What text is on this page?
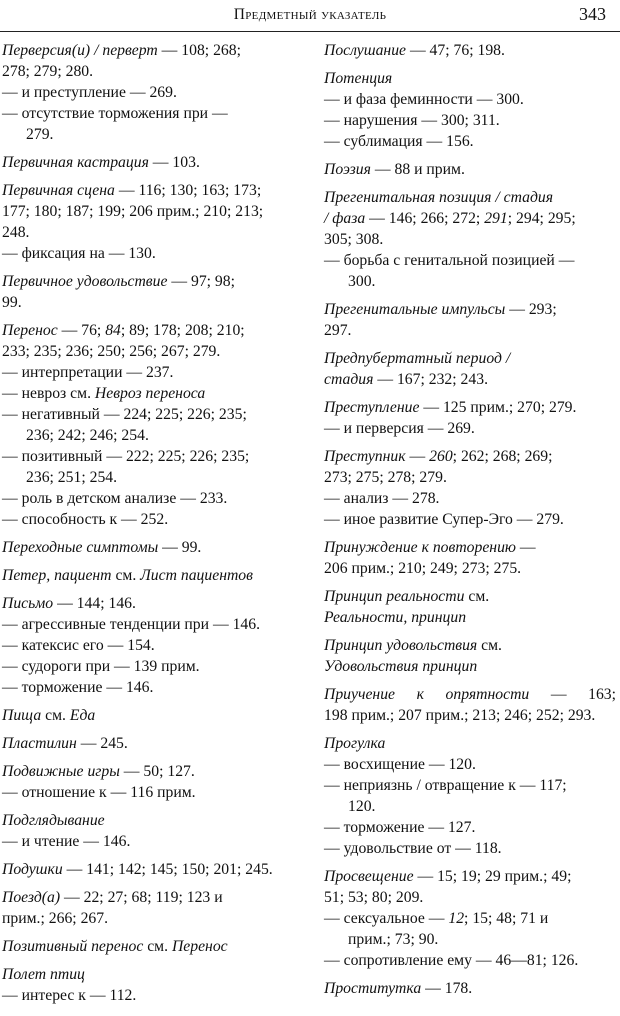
Предметный указатель	343
Перверсия(и) / перверт — 108; 268;
278; 279; 280.
— и преступление — 269.
— отсутствие торможения при —
279.
Первичная кастрация — 103.
Первичная сцена — 116; 130; 163; 173;
177; 180; 187; 199; 206 прим.; 210; 213;
248.
— фиксация на — 130.
Первичное удовольствие — 97; 98;
99.
Перенос — 76; 84; 89; 178; 208; 210;
233; 235; 236; 250; 256; 267; 279.
— интерпретации — 237.
— невроз см. Невроз переноса
— негативный — 224; 225; 226; 235;
236; 242; 246; 254.
— позитивный — 222; 225; 226; 235;
236; 251; 254.
— роль в детском анализе — 233.
— способность к — 252.
Переходные симптомы — 99.
Петер, пациент см. Лист пациентов
Письмо — 144; 146.
— агрессивные тенденции при — 146.
— катексис его — 154.
— судороги при — 139 прим.
— торможение — 146.
Пища см. Еда
Пластилин — 245.
Подвижные игры — 50; 127.
— отношение к — 116 прим.
Подглядывание
— и чтение — 146.
Подушки — 141; 142; 145; 150; 201; 245.
Поезд(а) — 22; 27; 68; 119; 123 и
прим.; 266; 267.
Позитивный перенос см. Перенос
Полет птиц
— интерес к — 112.
Послушание — 47; 76; 198.
Потенция
— и фаза феминности — 300.
— нарушения — 300; 311.
— сублимация — 156.
Поэзия — 88 и прим.
Прегенитальная позиция / стадия
/ фаза — 146; 266; 272; 291; 294; 295;
305; 308.
— борьба с генитальной позицией —
300.
Прегенитальные импульсы — 293;
297.
Предпубертатный период /
стадия — 167; 232; 243.
Преступление — 125 прим.; 270; 279.
— и перверсия — 269.
Преступник — 260; 262; 268; 269;
273; 275; 278; 279.
— анализ — 278.
— иное развитие Супер-Эго — 279.
Принуждение к повторению —
206 прим.; 210; 249; 273; 275.
Принцип реальности см.
Реальности, принцип
Принцип удовольствия см.
Удовольствия принцип
Приучение к опрятности — 163;
198 прим.; 207 прим.; 213; 246; 252; 293.
Прогулка
— восхищение — 120.
— неприязнь / отвращение к — 117;
120.
— торможение — 127.
— удовольствие от — 118.
Просвещение — 15; 19; 29 прим.; 49;
51; 53; 80; 209.
— сексуальное — 12; 15; 48; 71 и
прим.; 73; 90.
— сопротивление ему — 46—81; 126.
Проститутка — 178.
